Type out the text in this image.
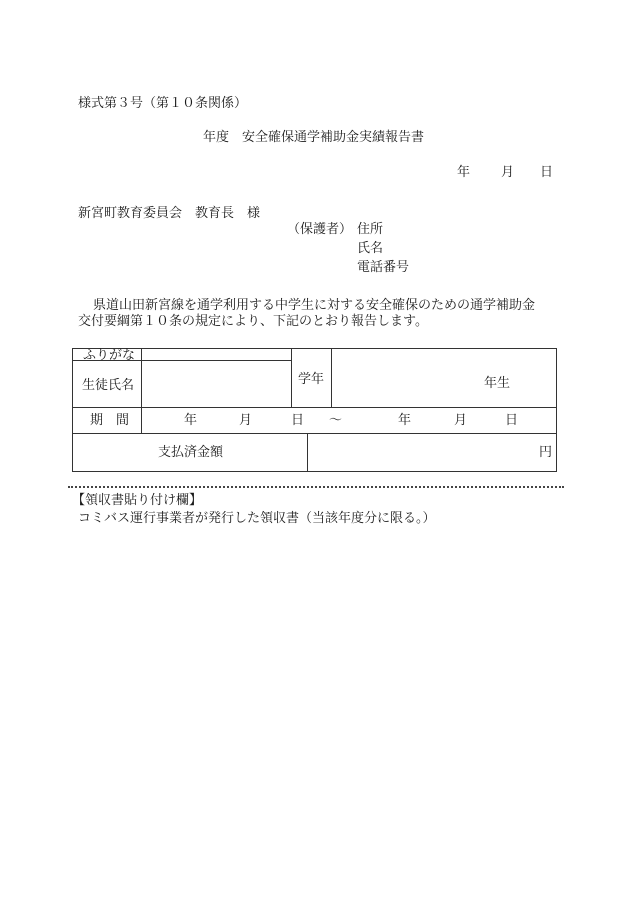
様式第３号（第１０条関係）
年度　安全確保通学補助金実績報告書
年 月 日
新宮町教育委員会　教育長　様
（保護者） 住所
氏名
電話番号
県道山田新宮線を通学利用する中学生に対する安全確保のための通学補助金
交付要綱第１０条の規定により、下記のとおり報告します。
ふりがな
生徒氏名	学年	年生
期　間	年	月	日 ～	年	月	日
支払済金額	円
【領収書貼り付け欄】
コミバス運行事業者が発行した領収書（当該年度分に限る。）
